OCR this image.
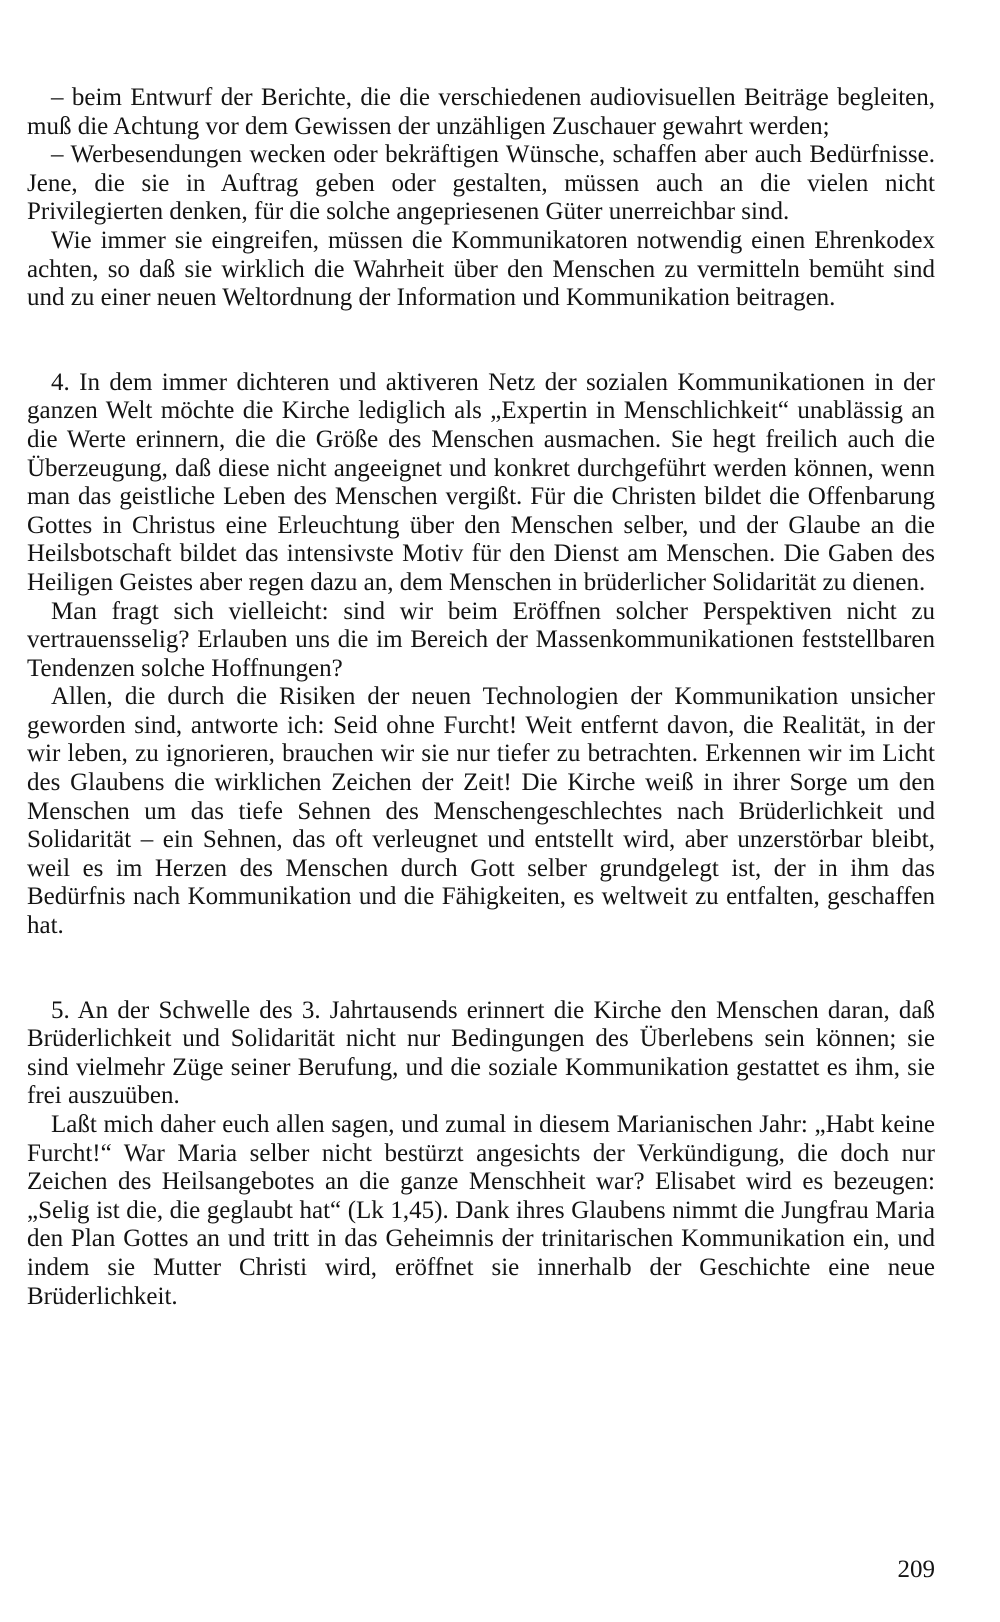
– beim Entwurf der Berichte, die die verschiedenen audiovisuellen Beiträge begleiten, muß die Achtung vor dem Gewissen der unzähligen Zuschauer gewahrt werden;

– Werbesendungen wecken oder bekräftigen Wünsche, schaffen aber auch Bedürfnisse. Jene, die sie in Auftrag geben oder gestalten, müssen auch an die vielen nicht Privilegierten denken, für die solche angepriesenen Güter unerreichbar sind.

Wie immer sie eingreifen, müssen die Kommunikatoren notwendig einen Ehrenkodex achten, so daß sie wirklich die Wahrheit über den Menschen zu vermitteln bemüht sind und zu einer neuen Weltordnung der Information und Kommunikation beitragen.

4. In dem immer dichteren und aktiveren Netz der sozialen Kommunikationen in der ganzen Welt möchte die Kirche lediglich als „Expertin in Menschlichkeit“ unablässig an die Werte erinnern, die die Größe des Menschen ausmachen. Sie hegt freilich auch die Überzeugung, daß diese nicht angeeignet und konkret durchgeführt werden können, wenn man das geistliche Leben des Menschen vergißt. Für die Christen bildet die Offenbarung Gottes in Christus eine Erleuchtung über den Menschen selber, und der Glaube an die Heilsbotschaft bildet das intensivste Motiv für den Dienst am Menschen. Die Gaben des Heiligen Geistes aber regen dazu an, dem Menschen in brüderlicher Solidarität zu dienen.

Man fragt sich vielleicht: sind wir beim Eröffnen solcher Perspektiven nicht zu vertrauensselig? Erlauben uns die im Bereich der Massenkommunikationen feststellbaren Tendenzen solche Hoffnungen?

Allen, die durch die Risiken der neuen Technologien der Kommunikation unsicher geworden sind, antworte ich: Seid ohne Furcht! Weit entfernt davon, die Realität, in der wir leben, zu ignorieren, brauchen wir sie nur tiefer zu betrachten. Erkennen wir im Licht des Glaubens die wirklichen Zeichen der Zeit! Die Kirche weiß in ihrer Sorge um den Menschen um das tiefe Sehnen des Menschengeschlechtes nach Brüderlichkeit und Solidarität – ein Sehnen, das oft verleugnet und entstellt wird, aber unzerstörbar bleibt, weil es im Herzen des Menschen durch Gott selber grundgelegt ist, der in ihm das Bedürfnis nach Kommunikation und die Fähigkeiten, es weltweit zu entfalten, geschaffen hat.

5. An der Schwelle des 3. Jahrtausends erinnert die Kirche den Menschen daran, daß Brüderlichkeit und Solidarität nicht nur Bedingungen des Überlebens sein können; sie sind vielmehr Züge seiner Berufung, und die soziale Kommunikation gestattet es ihm, sie frei auszuüben.

Laßt mich daher euch allen sagen, und zumal in diesem Marianischen Jahr: „Habt keine Furcht!“ War Maria selber nicht bestürzt angesichts der Verkündigung, die doch nur Zeichen des Heilsangebotes an die ganze Menschheit war? Elisabet wird es bezeugen: „Selig ist die, die geglaubt hat“ (Lk 1,45). Dank ihres Glaubens nimmt die Jungfrau Maria den Plan Gottes an und tritt in das Geheimnis der trinitarischen Kommunikation ein, und indem sie Mutter Christi wird, eröffnet sie innerhalb der Geschichte eine neue Brüderlichkeit.

209
